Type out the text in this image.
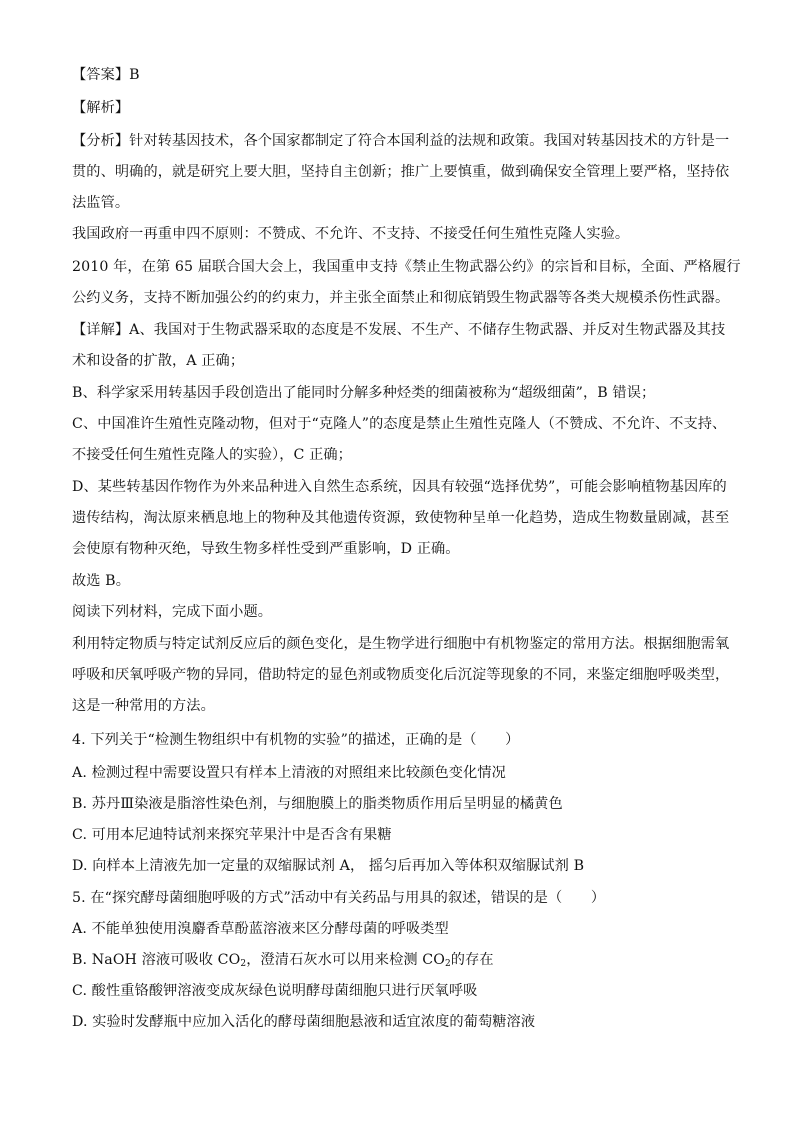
【答案】B
【解析】
【分析】针对转基因技术，各个国家都制定了符合本国利益的法规和政策。我国对转基因技术的方针是一
贯的、明确的，就是研究上要大胆，坚持自主创新；推广上要慎重，做到确保安全管理上要严格，坚持依
法监管。
我国政府一再重申四不原则：不赞成、不允许、不支持、不接受任何生殖性克隆人实验。
2010 年，在第 65 届联合国大会上，我国重申支持《禁止生物武器公约》的宗旨和目标，全面、严格履行
公约义务，支持不断加强公约的约束力，并主张全面禁止和彻底销毁生物武器等各类大规模杀伤性武器。
【详解】A、我国对于生物武器采取的态度是不发展、不生产、不储存生物武器、并反对生物武器及其技
术和设备的扩散，A 正确；
B、科学家采用转基因手段创造出了能同时分解多种烃类的细菌被称为“超级细菌”，B 错误；
C、中国准许生殖性克隆动物，但对于“克隆人”的态度是禁止生殖性克隆人（不赞成、不允许、不支持、
不接受任何生殖性克隆人的实验），C 正确；
D、某些转基因作物作为外来品种进入自然生态系统，因具有较强“选择优势”，可能会影响植物基因库的
遗传结构，淘汰原来栖息地上的物种及其他遗传资源，致使物种呈单一化趋势，造成生物数量剧减，甚至
会使原有物种灭绝，导致生物多样性受到严重影响，D 正确。
故选 B。
阅读下列材料，完成下面小题。
利用特定物质与特定试剂反应后的颜色变化，是生物学进行细胞中有机物鉴定的常用方法。根据细胞需氧
呼吸和厌氧呼吸产物的异同，借助特定的显色剂或物质变化后沉淀等现象的不同，来鉴定细胞呼吸类型，
这是一种常用的方法。
4. 下列关于“检测生物组织中有机物的实验”的描述，正确的是（　　）
A. 检测过程中需要设置只有样本上清液的对照组来比较颜色变化情况
B. 苏丹Ⅲ染液是脂溶性染色剂，与细胞膜上的脂类物质作用后呈明显的橘黄色
C. 可用本尼迪特试剂来探究苹果汁中是否含有果糖
D. 向样本上清液先加一定量的双缩脲试剂 A， 摇匀后再加入等体积双缩脲试剂 B
5. 在“探究酵母菌细胞呼吸的方式”活动中有关药品与用具的叙述，错误的是（　　）
A. 不能单独使用溴麝香草酚蓝溶液来区分酵母菌的呼吸类型
B. NaOH 溶液可吸收 $CO_2$，澄清石灰水可以用来检测 $CO_2$的存在
C. 酸性重铬酸钾溶液变成灰绿色说明酵母菌细胞只进行厌氧呼吸
D. 实验时发酵瓶中应加入活化的酵母菌细胞悬液和适宜浓度的葡萄糖溶液
